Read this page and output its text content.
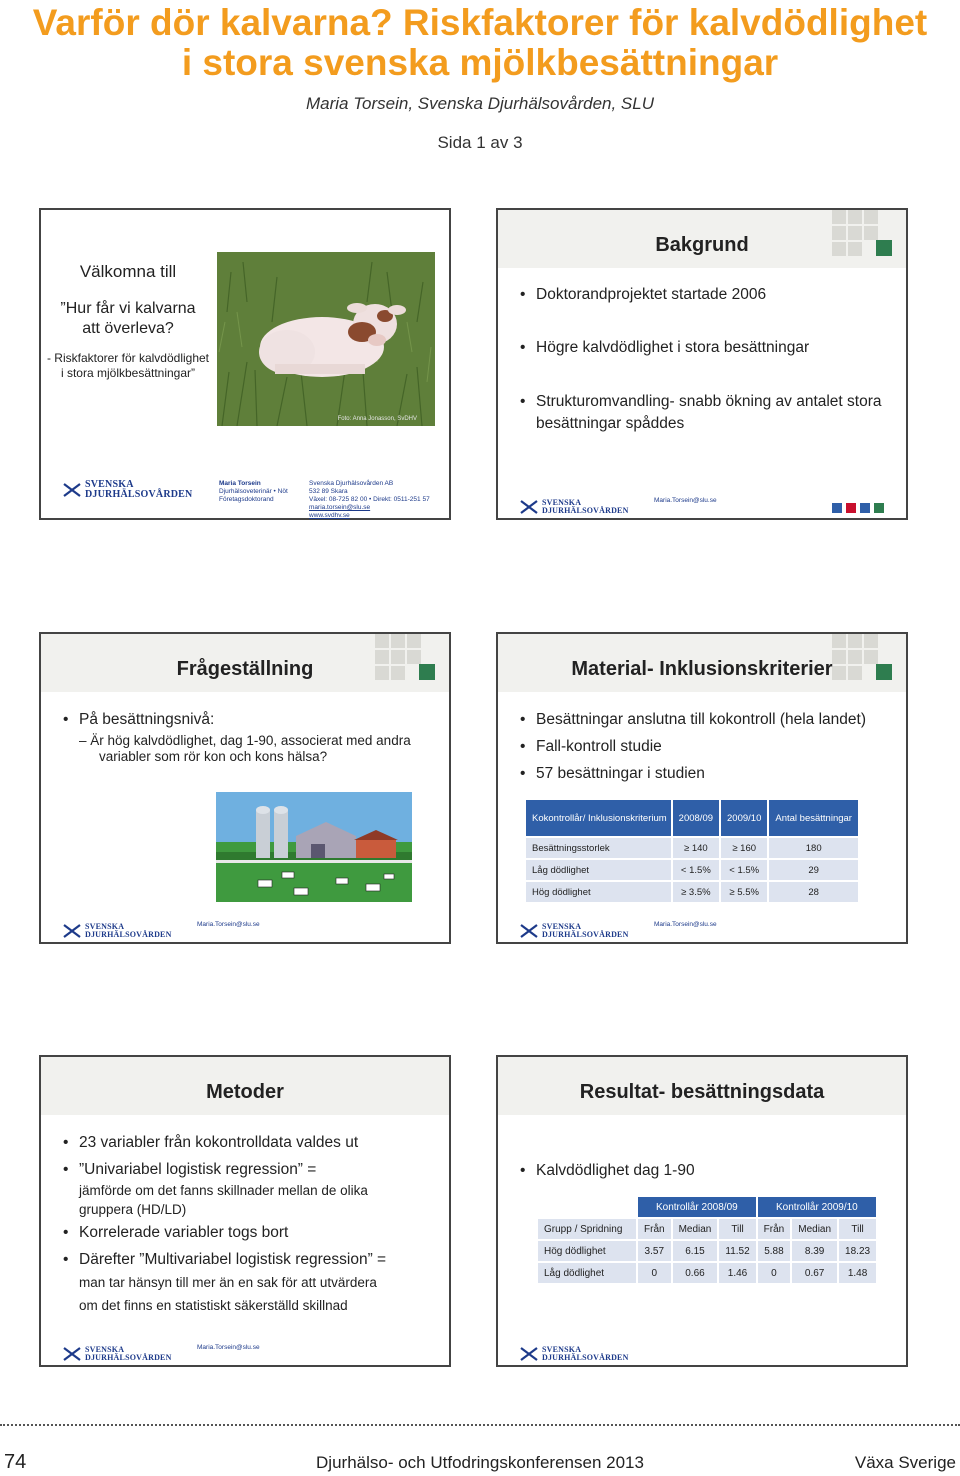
Varför dör kalvarna? Riskfaktorer för kalvdödlighet
i stora svenska mjölkbesättningar
Maria Torsein, Svenska Djurhälsovården, SLU
Sida 1 av 3
Välkomna till
”Hur får vi kalvarna
att överleva?
- Riskfaktorer för kalvdödlighet
i stora mjölkbesättningar”
Foto: Anna Jonasson, SvDHV
SVENSKA
DJURHÄLSOVÅRDEN
Maria Torsein
Djurhälsoveterinär • Nöt
Företagsdoktorand
Svenska Djurhälsovården AB
532 89 Skara
Växel: 08-725 82 00 • Direkt: 0511-251 57
maria.torsein@slu.se
www.svdhv.se
Bakgrund
• Doktorandprojektet startade 2006
• Högre kalvdödlighet i stora besättningar
• Strukturomvandling- snabb ökning av antalet stora besättningar spåddes
SVENSKA
DJURHÄLSOVÅRDEN
Maria.Torsein@slu.se
Frågeställning
• På besättningsnivå:
– Är hög kalvdödlighet, dag 1-90, associerat med andra variabler som rör kon och kons hälsa?
SVENSKA
DJURHÄLSOVÅRDEN
Maria.Torsein@slu.se
Material- Inklusionskriterier
• Besättningar anslutna till kokontroll (hela landet)
• Fall-kontroll studie
• 57 besättningar i studien
Kokontrollår/ Inklusionskriterium	2008/09	2009/10	Antal besättningar
Besättningsstorlek	≥ 140	≥ 160	180
Låg dödlighet	< 1.5%	< 1.5%	29
Hög dödlighet	≥ 3.5%	≥ 5.5%	28
SVENSKA
DJURHÄLSOVÅRDEN
Maria.Torsein@slu.se
Metoder
• 23 variabler från kokontrolldata valdes ut
• ”Univariabel logistisk regression” =
jämförde om det fanns skillnader mellan de olika gruppera (HD/LD)
• Korrelerade variabler togs bort
• Därefter ”Multivariabel logistisk regression” =
man tar hänsyn till mer än en sak för att utvärdera
om det finns en statistiskt säkerställd skillnad
SVENSKA
DJURHÄLSOVÅRDEN
Maria.Torsein@slu.se
Resultat- besättningsdata
• Kalvdödlighet dag 1-90
	Kontrollår 2008/09			Kontrollår 2009/10		
Grupp / Spridning	Från	Median	Till	Från	Median	Till
Hög dödlighet	3.57	6.15	11.52	5.88	8.39	18.23
Låg dödlighet	0	0.66	1.46	0	0.67	1.48
SVENSKA
DJURHÄLSOVÅRDEN
74	Djurhälso- och Utfodringskonferensen 2013	Växa Sverige
